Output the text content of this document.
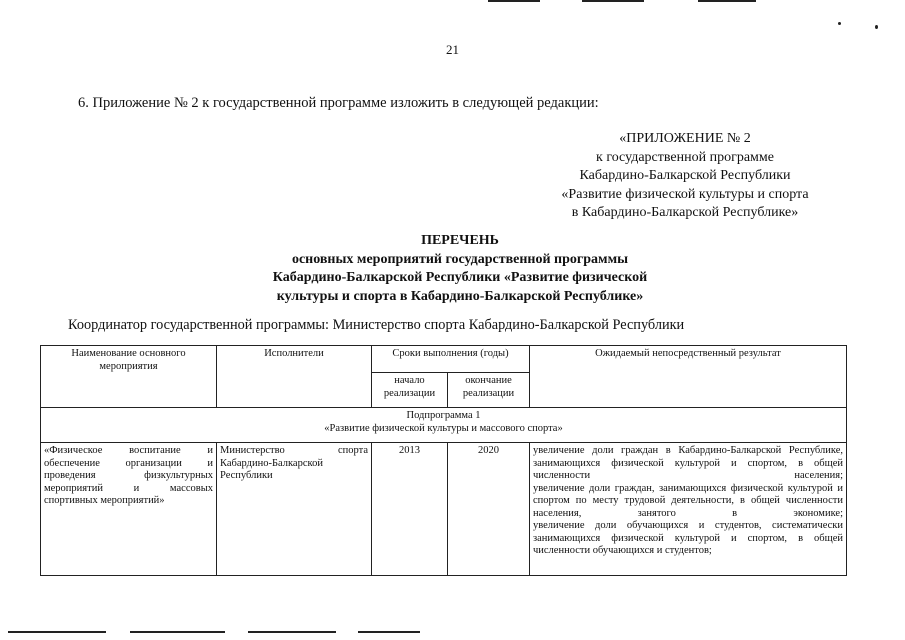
21
6. Приложение № 2 к государственной программе изложить в следующей редакции:
«ПРИЛОЖЕНИЕ № 2
к государственной программе
Кабардино-Балкарской Республики
«Развитие физической культуры и спорта
в Кабардино-Балкарской Республике»
ПЕРЕЧЕНЬ
основных мероприятий государственной программы
Кабардино-Балкарской Республики «Развитие физической
культуры и спорта в Кабардино-Балкарской Республике»
Координатор государственной программы: Министерство спорта Кабардино-Балкарской Республики
Наименование основного мероприятия	Исполнители	Сроки выполнения (годы)		Ожидаемый непосредственный результат
		начало реализации	окончание реализации	

Подпрограмма 1
«Развитие физической культуры и массового спорта»				

«Физическое воспитание и обеспечение организации и проведения физкультурных мероприятий и массовых спортивных мероприятий»	Министерство спорта Кабардино-Балкарской Республики	2013	2020	увеличение доли граждан в Кабардино-Балкарской Республике, занимающихся физической культурой и спортом, в общей численности населения;
увеличение доли граждан, занимающихся физической культурой и спортом по месту трудовой деятельности, в общей численности населения, занятого в экономике;
увеличение доли обучающихся и студентов, систематически занимающихся физической культурой и спортом, в общей численности обучающихся и студентов;
